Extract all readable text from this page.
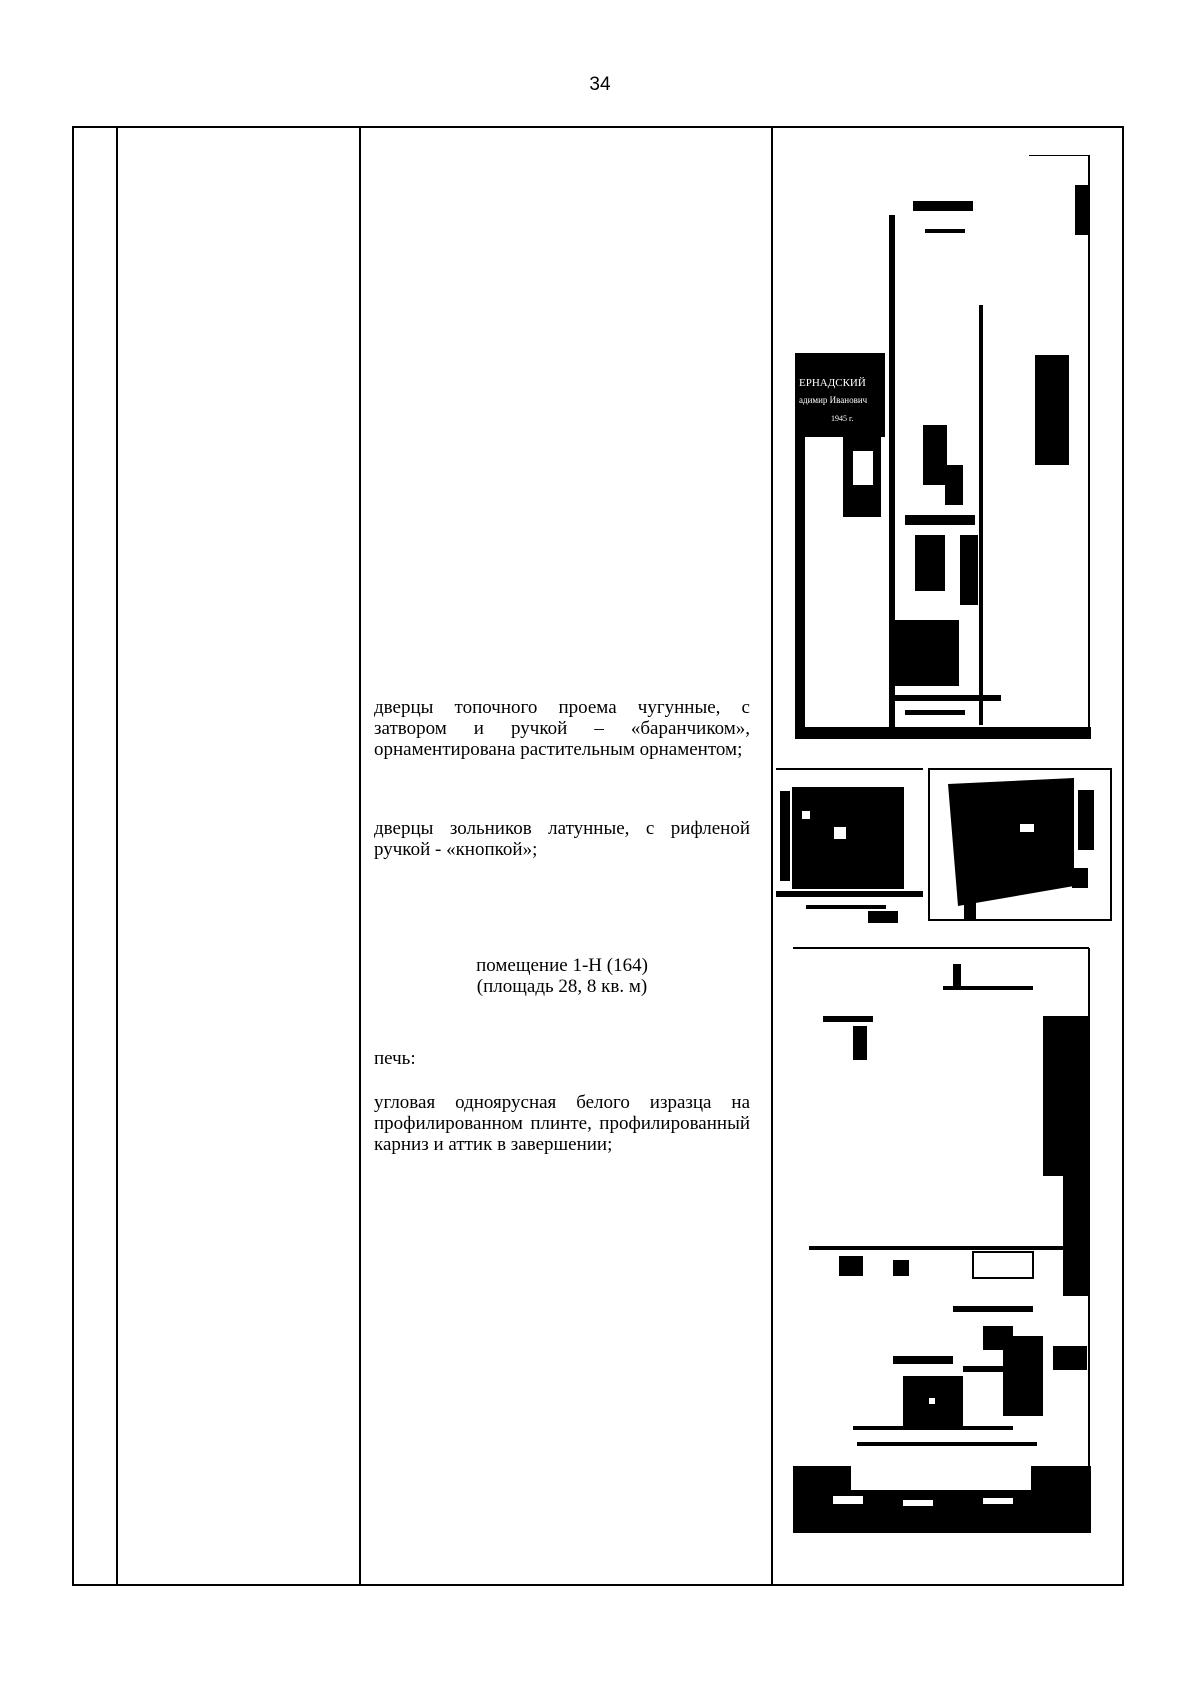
34

дверцы топочного проема чугунные, с затвором и ручкой – «баранчиком», орнаментирована растительным орнаментом;

дверцы зольников латунные, с рифленой ручкой - «кнопкой»;

помещение 1-Н (164)

(площадь 28, 8 кв. м)

печь:

угловая одноярусная белого изразца на профилированном плинте, профилированный карниз и аттик в завершении;

ЕРНАДСКИЙ
адимир Иванович
1945 г.
